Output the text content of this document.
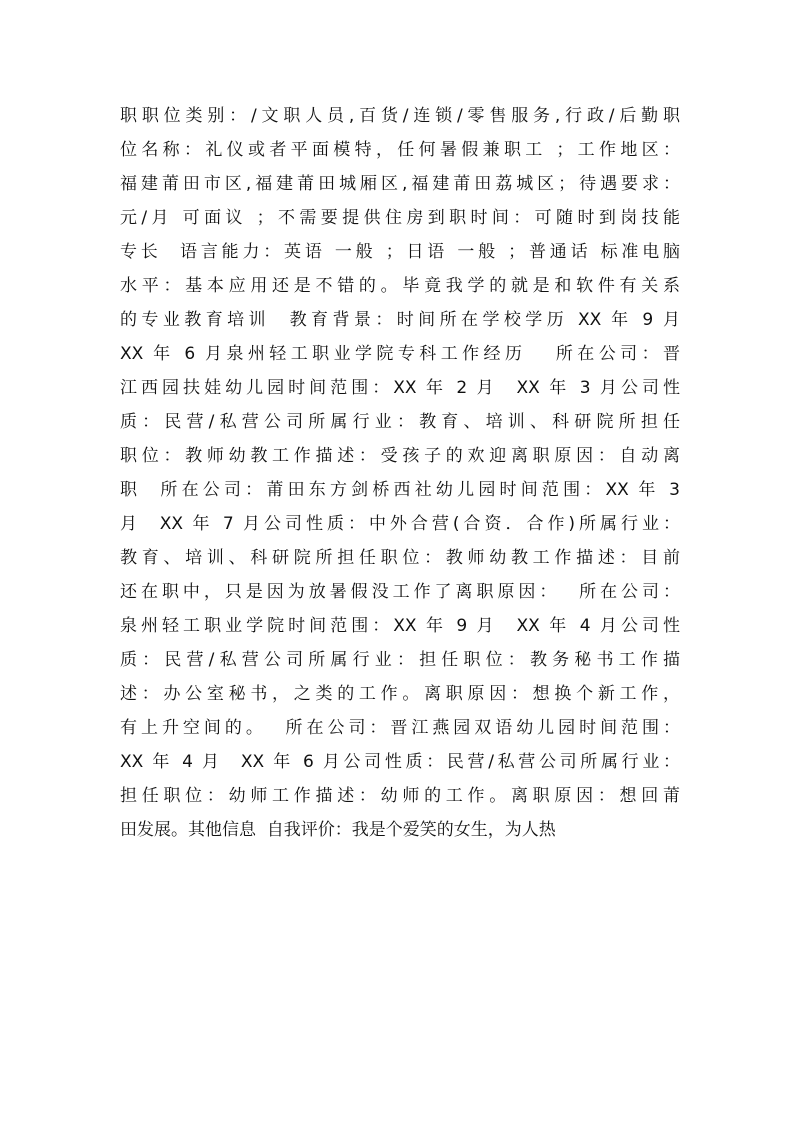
职职位类别：/文职人员,百货/连锁/零售服务,行政/后勤职
位名称：礼仪或者平面模特，任何暑假兼职工 ；工作地区：
福建莆田市区,福建莆田城厢区,福建莆田荔城区；待遇要求：
元/月 可面议 ；不需要提供住房到职时间：可随时到岗技能
专长  语言能力：英语 一般 ；日语 一般 ；普通话 标准电脑
水平：基本应用还是不错的。毕竟我学的就是和软件有关系
的专业教育培训  教育背景：时间所在学校学历 XX 年 9 月
XX 年 6 月泉州轻工职业学院专科工作经历   所在公司：晋
江西园扶娃幼儿园时间范围：XX 年 2 月  XX 年 3 月公司性
质：民营/私营公司所属行业：教育、培训、科研院所担任
职位：教师幼教工作描述：受孩子的欢迎离职原因：自动离
职  所在公司：莆田东方剑桥西社幼儿园时间范围：XX 年 3
月  XX 年 7 月公司性质：中外合营(合资．合作)所属行业：
教育、培训、科研院所担任职位：教师幼教工作描述：目前
还在职中，只是因为放暑假没工作了离职原因：  所在公司：
泉州轻工职业学院时间范围：XX 年 9 月  XX 年 4 月公司性
质：民营/私营公司所属行业：担任职位：教务秘书工作描
述：办公室秘书，之类的工作。离职原因：想换个新工作，
有上升空间的。  所在公司：晋江燕园双语幼儿园时间范围：
XX 年 4 月  XX 年 6 月公司性质：民营/私营公司所属行业：
担任职位：幼师工作描述：幼师的工作。离职原因：想回莆
田发展。其他信息  自我评价：我是个爱笑的女生，为人热
